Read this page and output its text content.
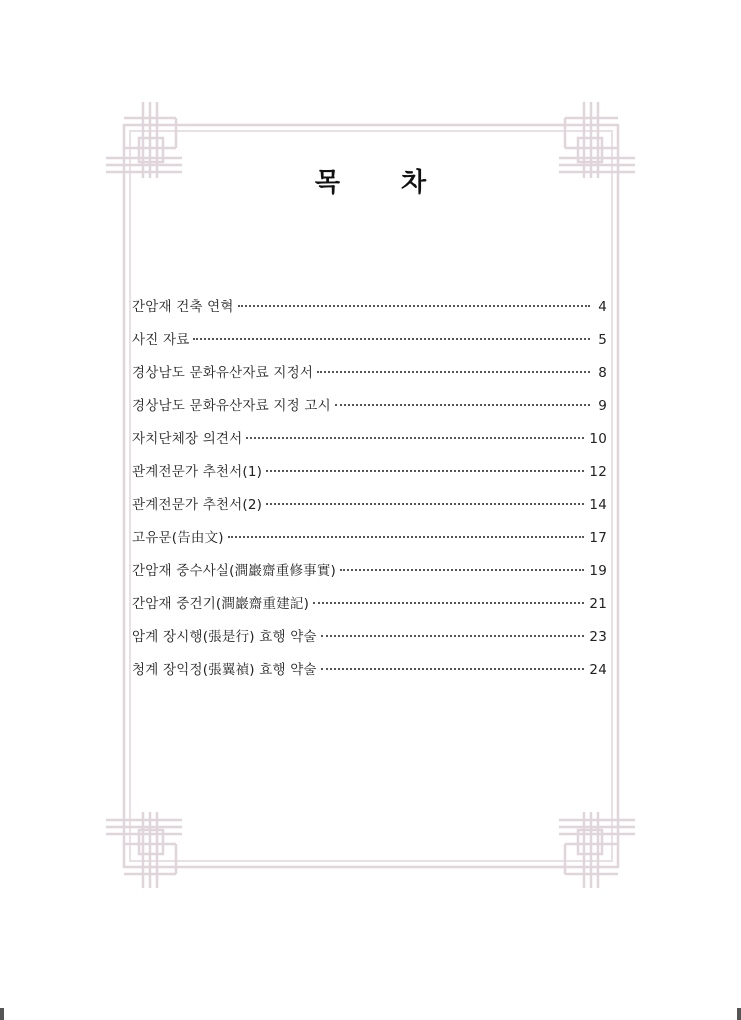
목 차
간암재 건축 연혁	4
사진 자료	5
경상남도 문화유산자료 지정서	8
경상남도 문화유산자료 지정 고시	9
자치단체장 의견서	10
관계전문가 추천서(1)	12
관계전문가 추천서(2)	14
고유문(告由文)	17
간암재 중수사실(澗巖齋重修事實)	19
간암재 중건기(澗巖齋重建記)	21
암계 장시행(張是行) 효행 약술	23
청계 장익정(張翼禎) 효행 약술	24
